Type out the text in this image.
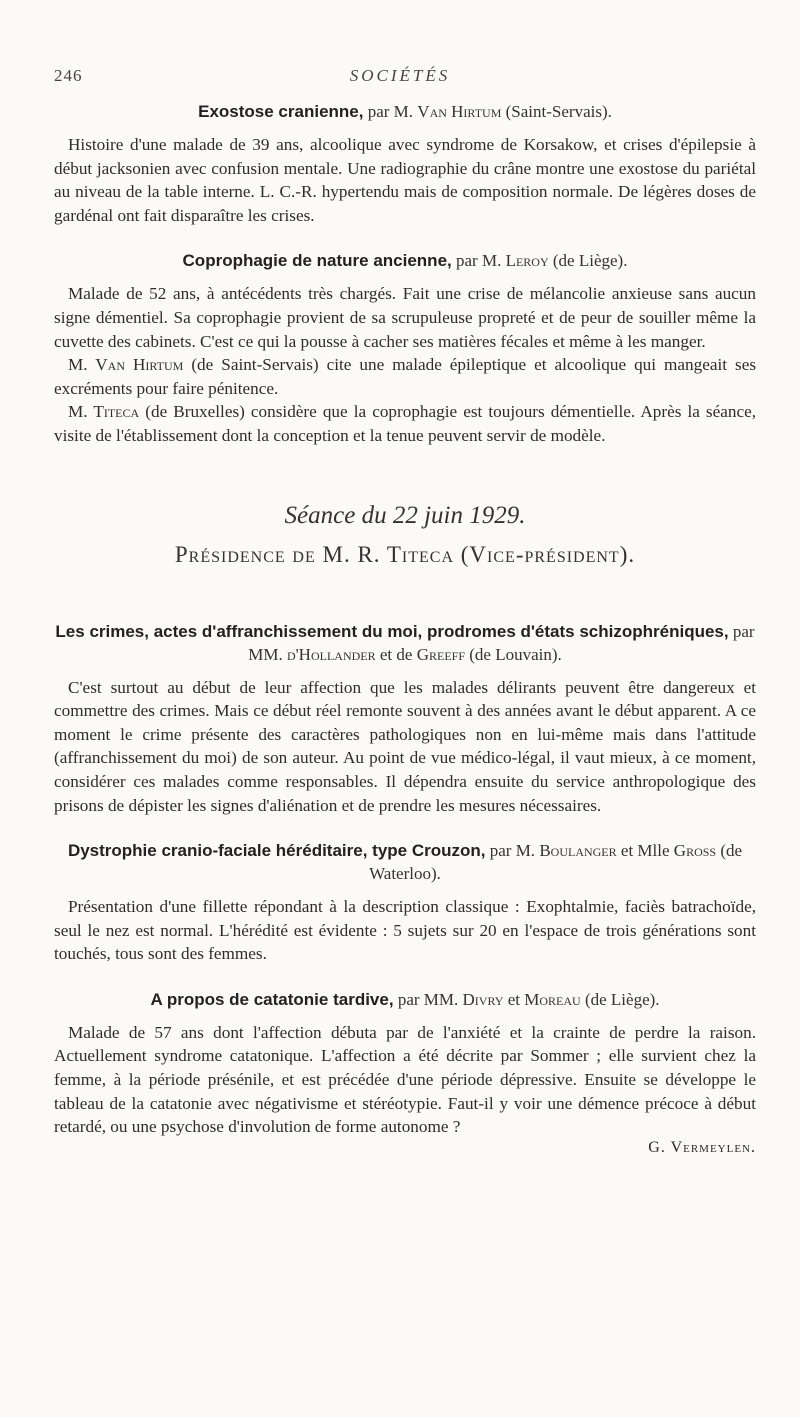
246	SOCIÉTÉS
Exostose cranienne, par M. Van Hirtum (Saint-Servais).

Histoire d'une malade de 39 ans, alcoolique avec syndrome de Korsakow, et crises d'épilepsie à début jacksonien avec confusion mentale. Une radiographie du crâne montre une exostose du pariétal au niveau de la table interne. L. C.-R. hypertendu mais de composition normale. De légères doses de gardénal ont fait disparaître les crises.

Coprophagie de nature ancienne, par M. Leroy (de Liège).

Malade de 52 ans, à antécédents très chargés. Fait une crise de mélancolie anxieuse sans aucun signe démentiel. Sa coprophagie provient de sa scrupuleuse propreté et de peur de souiller même la cuvette des cabinets. C'est ce qui la pousse à cacher ses matières fécales et même à les manger.

M. Van Hirtum (de Saint-Servais) cite une malade épileptique et alcoolique qui mangeait ses excréments pour faire pénitence.

M. Titeca (de Bruxelles) considère que la coprophagie est toujours démentielle. Après la séance, visite de l'établissement dont la conception et la tenue peuvent servir de modèle.

Séance du 22 juin 1929.
Présidence de M. R. Titeca (Vice-président).
Les crimes, actes d'affranchissement du moi, prodromes d'états schizophréniques, par MM. d'Hollander et de Greeff (de Louvain).

C'est surtout au début de leur affection que les malades délirants peuvent être dangereux et commettre des crimes. Mais ce début réel remonte souvent à des années avant le début apparent. A ce moment le crime présente des caractères pathologiques non en lui-même mais dans l'attitude (affranchissement du moi) de son auteur. Au point de vue médico-légal, il vaut mieux, à ce moment, considérer ces malades comme responsables. Il dépendra ensuite du service anthropologique des prisons de dépister les signes d'aliénation et de prendre les mesures nécessaires.

Dystrophie cranio-faciale héréditaire, type Crouzon, par M. Boulanger et Mlle Gross (de Waterloo).

Présentation d'une fillette répondant à la description classique : Exophtalmie, faciès batrachoïde, seul le nez est normal. L'hérédité est évidente : 5 sujets sur 20 en l'espace de trois générations sont touchés, tous sont des femmes.

A propos de catatonie tardive, par MM. Divry et Moreau (de Liège).

Malade de 57 ans dont l'affection débuta par de l'anxiété et la crainte de perdre la raison. Actuellement syndrome catatonique. L'affection a été décrite par Sommer ; elle survient chez la femme, à la période présénile, et est précédée d'une période dépressive. Ensuite se développe le tableau de la catatonie avec négativisme et stéréotypie. Faut-il y voir une démence précoce à début retardé, ou une psychose d'involution de forme autonome ?

G. Vermeylen.
